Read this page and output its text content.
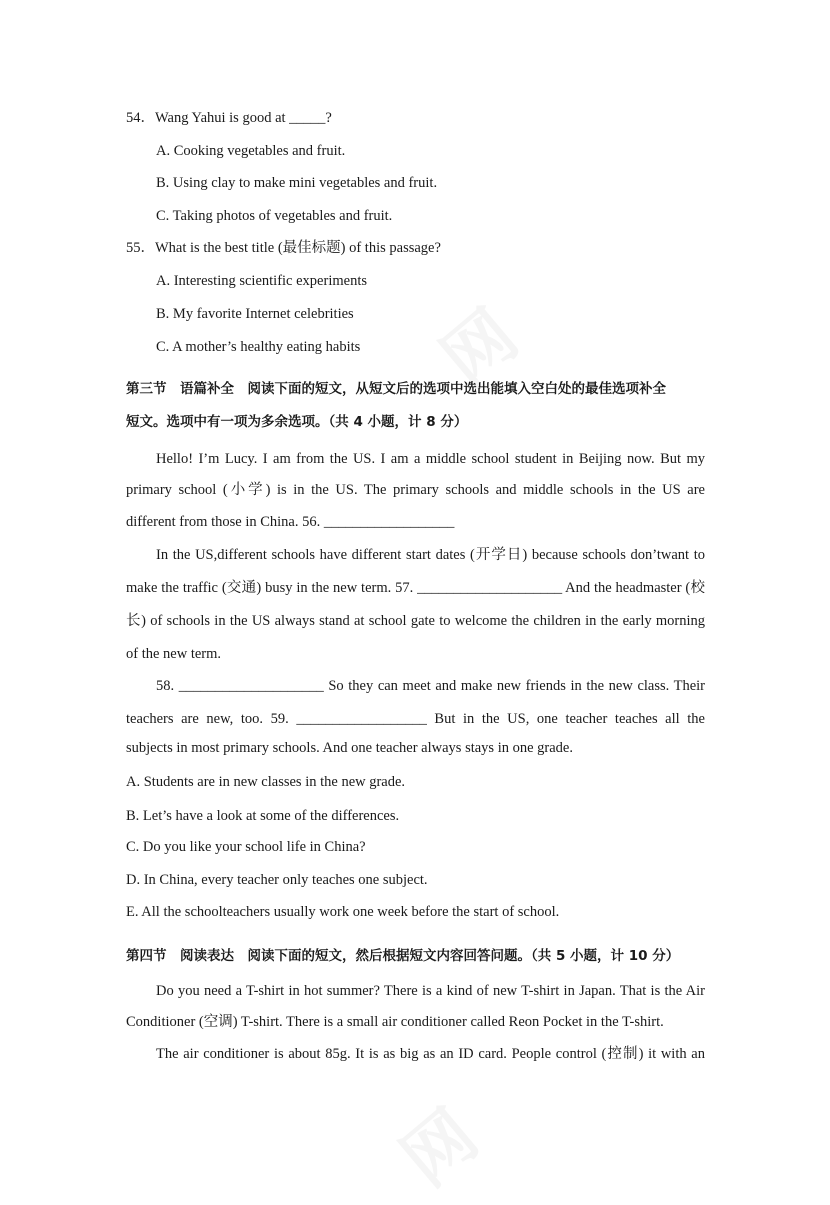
网
网
54．Wang Yahui is good at _____?
A. Cooking vegetables and fruit.
B. Using clay to make mini vegetables and fruit.
C. Taking photos of vegetables and fruit.
55．What is the best title (最佳标题) of this passage?
A. Interesting scientific experiments
B. My favorite Internet celebrities
C. A mother’s healthy eating habits
第三节　语篇补全　阅读下面的短文，从短文后的选项中选出能填入空白处的最佳选项补全
短文。选项中有一项为多余选项。（共 4 小题，计 8 分）
Hello! I’m Lucy. I am from the US. I am a middle school student in Beijing now. But my
primary school (小学) is in the US. The primary schools and middle schools in the US are
different from those in China. 56. __________________
In the US,different schools have different start dates (开学日) because schools don’twant to
make the traffic (交通) busy in the new term. 57. ____________________ And the headmaster (校
长) of schools in the US always stand at school gate to welcome the children in the early morning
of the new term.
58. ____________________ So they can meet and make new friends in the new class. Their
teachers are new, too. 59. __________________ But in the US, one teacher teaches all the
subjects in most primary schools. And one teacher always stays in one grade.
A. Students are in new classes in the new grade.
B. Let’s have a look at some of the differences.
C. Do you like your school life in China?
D. In China, every teacher only teaches one subject.
E. All the schoolteachers usually work one week before the start of school.
第四节　阅读表达　阅读下面的短文，然后根据短文内容回答问题。（共 5 小题，计 10 分）
Do you need a T-shirt in hot summer? There is a kind of new T-shirt in Japan. That is the Air
Conditioner (空调) T-shirt. There is a small air conditioner called Reon Pocket in the T-shirt.
The air conditioner is about 85g. It is as big as an ID card. People control (控制) it with an
